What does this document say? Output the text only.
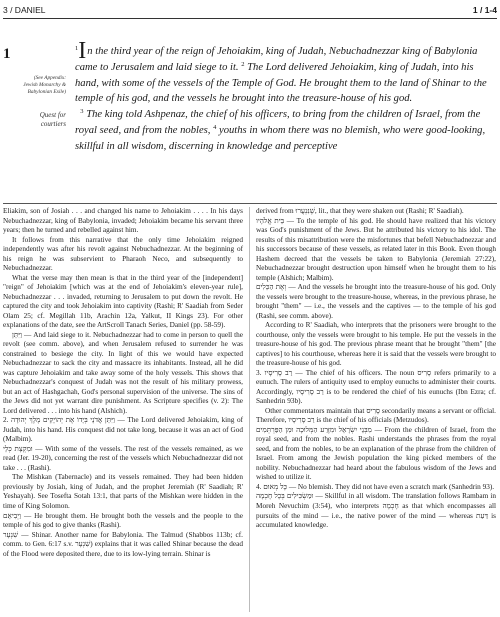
3 / DANIEL	1 / 1-4
1
(See Appendix:
Jewish Monarchy &
Babylonian Exile)
Quest for
courtiers
$^1$In the third year of the reign of Jehoiakim, king of Judah, Nebuchadnezzar king of Babylonia came to Jerusalem and laid siege to it. $^2$ The Lord delivered Jehoiakim, king of Judah, into his hand, with some of the vessels of the Temple of God. He brought them to the land of Shinar to the temple of his god, and the vessels he brought into the treasure-house of his god.
$^3$ The king told Ashpenaz, the chief of his officers, to bring from the children of Israel, from the royal seed, and from the nobles, $^4$ youths in whom there was no blemish, who were good-looking, skillful in all wisdom, discerning in knowledge and perceptive

Eliakim, son of Josiah . . . and changed his name to Jehoiakim . . . . In his days Nebuchadnezzar, king of Babylonia, invaded; Jehoiakim became his servant three years; then he turned and rebelled against him.

It follows from this narrative that the only time Jehoiakim reigned independently was after his revolt against Nebuchadnezzar. At the beginning of his reign he was subservient to Pharaoh Neco, and subsequently to Nebuchadnezzar.

What the verse may then mean is that in the third year of the [independent] "reign" of Jehoiakim [which was at the end of Jehoiakim's eleven-year rule], Nebuchadnezzar . . . invaded, returning to Jerusalem to put down the revolt. He captured the city and took Jehoiakim into captivity (Rashi; R' Saadiah from Seder Olam 25; cf. Megillah 11b, Arachin 12a, Yalkut, II Kings 23). For other explanations of the date, see the ArtScroll Tanach Series, Daniel (pp. 58-59).

וַיִּתֵּן — And laid siege to it. Nebuchadnezzar had to come in person to quell the revolt (see comm. above), and when Jerusalem refused to surrender he was constrained to besiege the city. In light of this we would have expected Nebuchadnezzar to sack the city and massacre its inhabitants. Instead, all he did was capture Jehoiakim and take away some of the holy vessels. This shows that Nebuchadnezzar's conquest of Judah was not the result of his military prowess, but an act of Hashgachah, God's personal supervision of the universe. The sins of the Jews did not yet warrant dire punishment. As Scripture specifies (v. 2): The Lord delivered . . . into his hand (Alshich).

2. וַיִּתֵּן אֲדֹנָי בְּיָדוֹ אֶת יְהוֹיָקִים מֶלֶךְ יְהוּדָה — The Lord delivered Jehoiakim, king of Judah, into his hand. His conquest did not take long, because it was an act of God (Malbim).

וּמִקְצָת כְּלֵי — With some of the vessels. The rest of the vessels remained, as we read (Jer. 19-20), concerning the rest of the vessels which Nebuchadnezzar did not take . . . (Rashi).

The Mishkan (Tabernacle) and its vessels remained. They had been hidden previously by Josiah, king of Judah, and the prophet Jeremiah (R' Saadiah; R' Yeshayah). See Tosefta Sotah 13:1, that parts of the Mishkan were hidden in the time of King Solomon.

וַיְבִיאֵם — He brought them. He brought both the vessels and the people to the temple of his god to give thanks (Rashi).

שִׁנְעָר — Shinar. Another name for Babylonia. The Talmud (Shabbos 113b; cf. comm. to Gen. 6:17 s.v. שִׁנְעָר) explains that it was called Shinar because the dead of the Flood were deposited there, due to its low-lying terrain. Shinar is

derived from שֶׁנִּנְעֲרוּ, lit., that they were shaken out (Rashi; R' Saadiah).

בֵּית אֱלֹהָיו — To the temple of his god. He should have realized that his victory was God's punishment of the Jews. But he attributed his victory to his idol. The results of this misattribution were the misfortunes that befell Nebuchadnezzar and his successors because of these vessels, as related later in this Book. Even though Hashem decreed that the vessels be taken to Babylonia (Jeremiah 27:22), Nebuchadnezzar brought destruction upon himself when he brought them to his temple (Alshich; Malbim).

וְאֶת הַכֵּלִים — And the vessels he brought into the treasure-house of his god. Only the vessels were brought to the treasure-house, whereas, in the previous phrase, he brought "them" — i.e., the vessels and the captives — to the temple of his god (Rashi, see comm. above).

According to R' Saadiah, who interprets that the prisoners were brought to the courthouse, only the vessels were brought to his temple. He put the vessels in the treasure-house of his god. The previous phrase meant that he brought "them" [the captives] to his courthouse, whereas here it is said that the vessels were brought to the treasure-house of his god.

3. רַב סָרִיסָיו — The chief of his officers. The noun סָרִיס refers primarily to a eunuch. The rulers of antiquity used to employ eunuchs to administer their courts. Accordingly, רַב סָרִיסָיו is to be rendered the chief of his eunuchs (Ibn Ezra; cf. Sanhedrin 93b).

Other commentators maintain that סָרִיס secondarily means a servant or official. Therefore, רַב סָרִיסָיו is the chief of his officials (Metzudos).

מִבְּנֵי יִשְׂרָאֵל וּמִזֶּרַע הַמְּלוּכָה וּמִן הַפַּרְתְּמִים — From the children of Israel, from the royal seed, and from the nobles. Rashi understands the phrases from the royal seed, and from the nobles, to be an explanation of the phrase from the children of Israel. From among the Jewish population the king picked members of the nobility. Nebuchadnezzar had heard about the fabulous wisdom of the Jews and wished to utilize it.

4. כָּל מְאוּם — No blemish. They did not have even a scratch mark (Sanhedrin 93).

וּמַשְׂכִּילִים בְּכָל חָכְמָה — Skillful in all wisdom. The translation follows Rambam in Moreh Nevuchim (3:54), who interprets חָכְמָה as that which encompasses all pursuits of the mind — i.e., the native power of the mind — whereas דַּעַת is accumulated knowledge.
